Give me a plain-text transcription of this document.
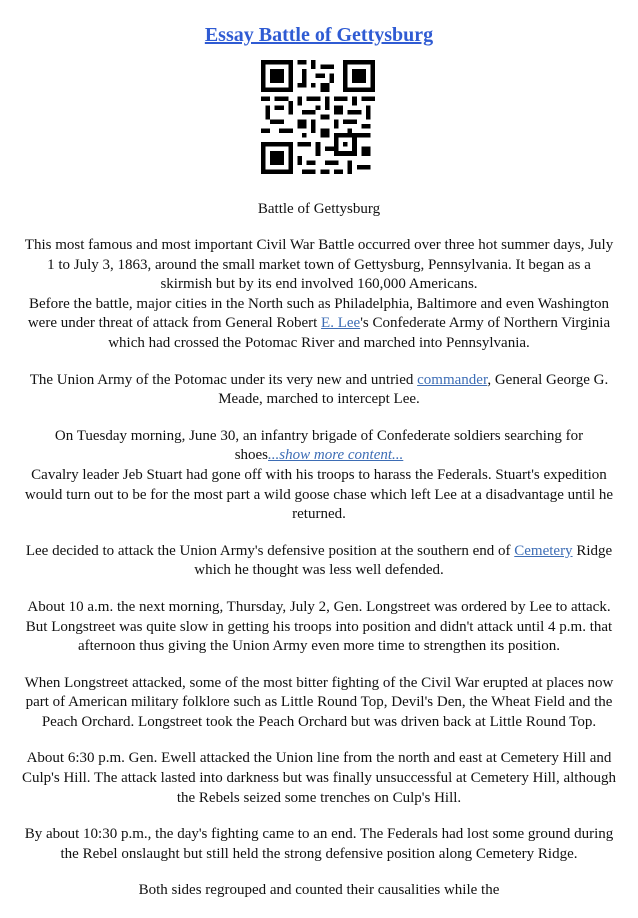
Essay Battle of Gettysburg
Battle of Gettysburg

This most famous and most important Civil War Battle occurred over three hot summer days, July 1 to July 3, 1863, around the small market town of Gettysburg, Pennsylvania. It began as a skirmish but by its end involved 160,000 Americans.

Before the battle, major cities in the North such as Philadelphia, Baltimore and even Washington were under threat of attack from General Robert E. Lee's Confederate Army of Northern Virginia which had crossed the Potomac River and marched into Pennsylvania.

The Union Army of the Potomac under its very new and untried commander, General George G. Meade, marched to intercept Lee.

On Tuesday morning, June 30, an infantry brigade of Confederate soldiers searching for shoes...show more content...

Cavalry leader Jeb Stuart had gone off with his troops to harass the Federals. Stuart's expedition would turn out to be for the most part a wild goose chase which left Lee at a disadvantage until he returned.

Lee decided to attack the Union Army's defensive position at the southern end of Cemetery Ridge which he thought was less well defended.

About 10 a.m. the next morning, Thursday, July 2, Gen. Longstreet was ordered by Lee to attack. But Longstreet was quite slow in getting his troops into position and didn't attack until 4 p.m. that afternoon thus giving the Union Army even more time to strengthen its position.

When Longstreet attacked, some of the most bitter fighting of the Civil War erupted at places now part of American military folklore such as Little Round Top, Devil's Den, the Wheat Field and the Peach Orchard. Longstreet took the Peach Orchard but was driven back at Little Round Top.

About 6:30 p.m. Gen. Ewell attacked the Union line from the north and east at Cemetery Hill and Culp's Hill. The attack lasted into darkness but was finally unsuccessful at Cemetery Hill, although the Rebels seized some trenches on Culp's Hill.

By about 10:30 p.m., the day's fighting came to an end. The Federals had lost some ground during the Rebel onslaught but still held the strong defensive position along Cemetery Ridge.

Both sides regrouped and counted their causalities while the
